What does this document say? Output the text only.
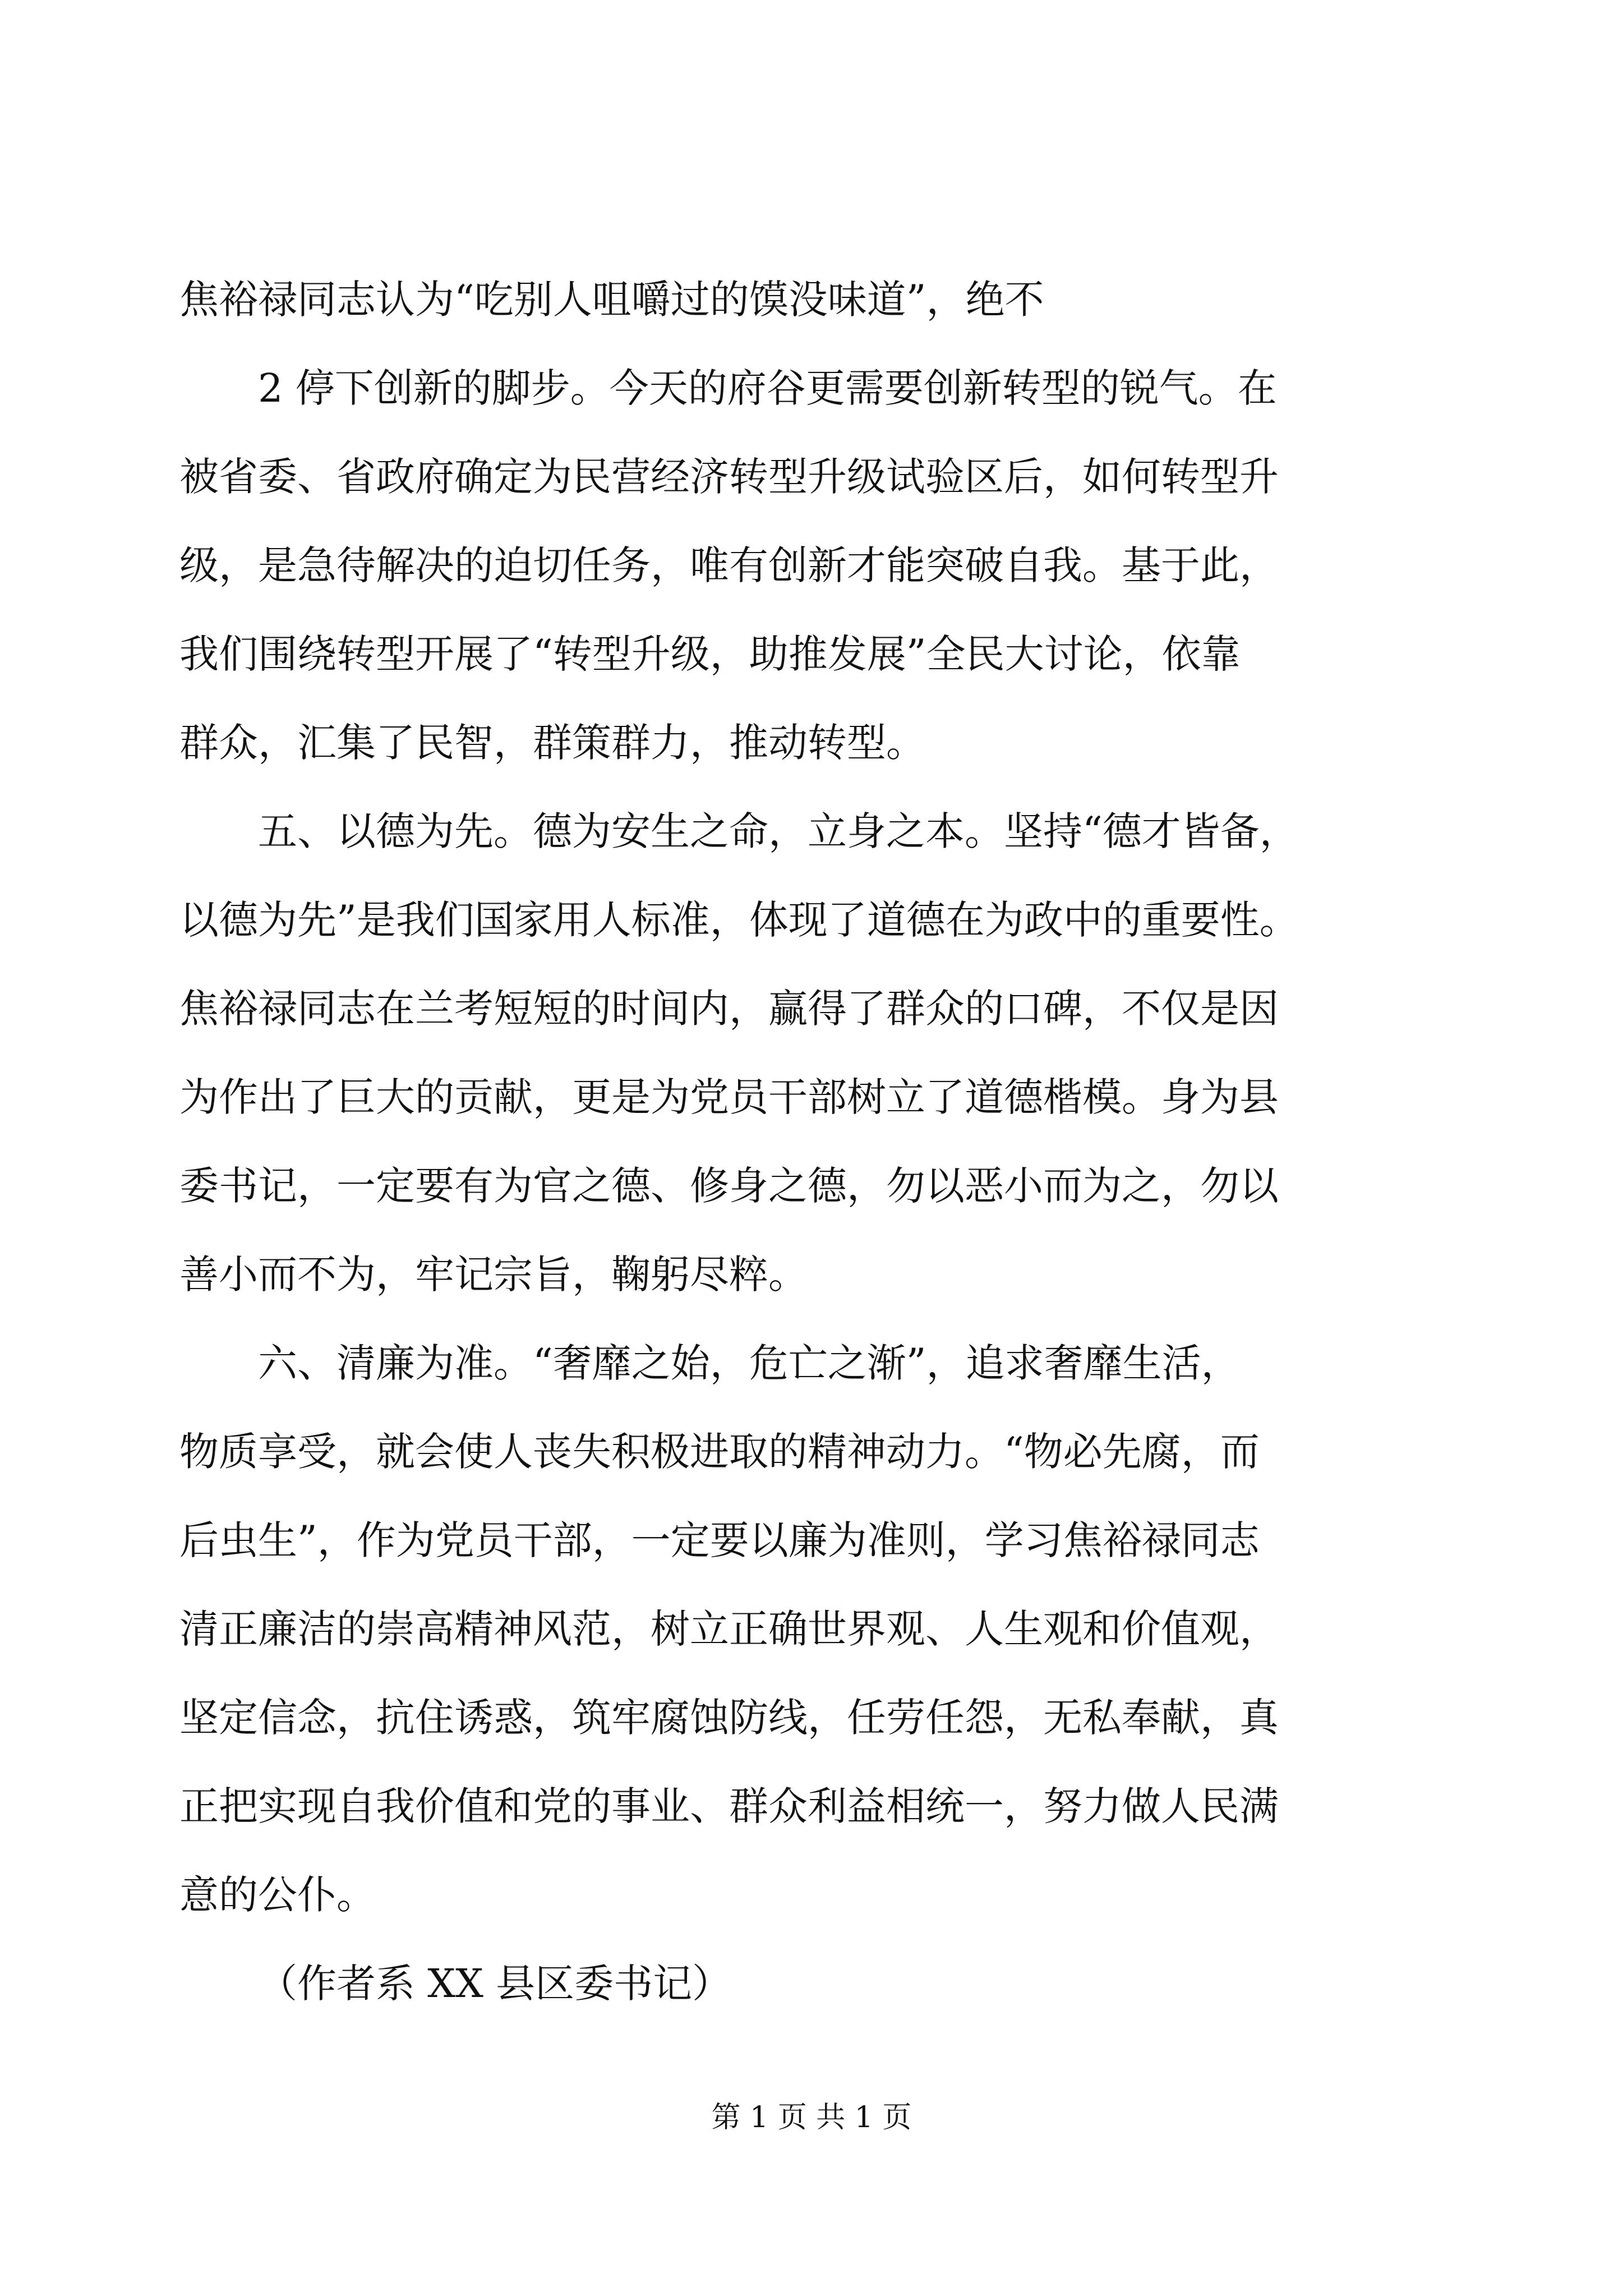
焦裕禄同志认为“吃别人咀嚼过的馍没味道”，绝不

2 停下创新的脚步。今天的府谷更需要创新转型的锐气。在

被省委、省政府确定为民营经济转型升级试验区后，如何转型升

级，是急待解决的迫切任务，唯有创新才能突破自我。基于此，

我们围绕转型开展了“转型升级，助推发展”全民大讨论，依靠

群众，汇集了民智，群策群力，推动转型。

五、以德为先。德为安生之命，立身之本。坚持“德才皆备，

以德为先”是我们国家用人标准，体现了道德在为政中的重要性。

焦裕禄同志在兰考短短的时间内，赢得了群众的口碑，不仅是因

为作出了巨大的贡献，更是为党员干部树立了道德楷模。身为县

委书记，一定要有为官之德、修身之德，勿以恶小而为之，勿以

善小而不为，牢记宗旨，鞠躬尽粹。

六、清廉为准。“奢靡之始，危亡之渐”，追求奢靡生活，

物质享受，就会使人丧失积极进取的精神动力。“物必先腐，而

后虫生”，作为党员干部，一定要以廉为准则，学习焦裕禄同志

清正廉洁的崇高精神风范，树立正确世界观、人生观和价值观，

坚定信念，抗住诱惑，筑牢腐蚀防线，任劳任怨，无私奉献，真

正把实现自我价值和党的事业、群众利益相统一，努力做人民满

意的公仆。

（作者系 XX 县区委书记）

第 1 页 共 1 页
